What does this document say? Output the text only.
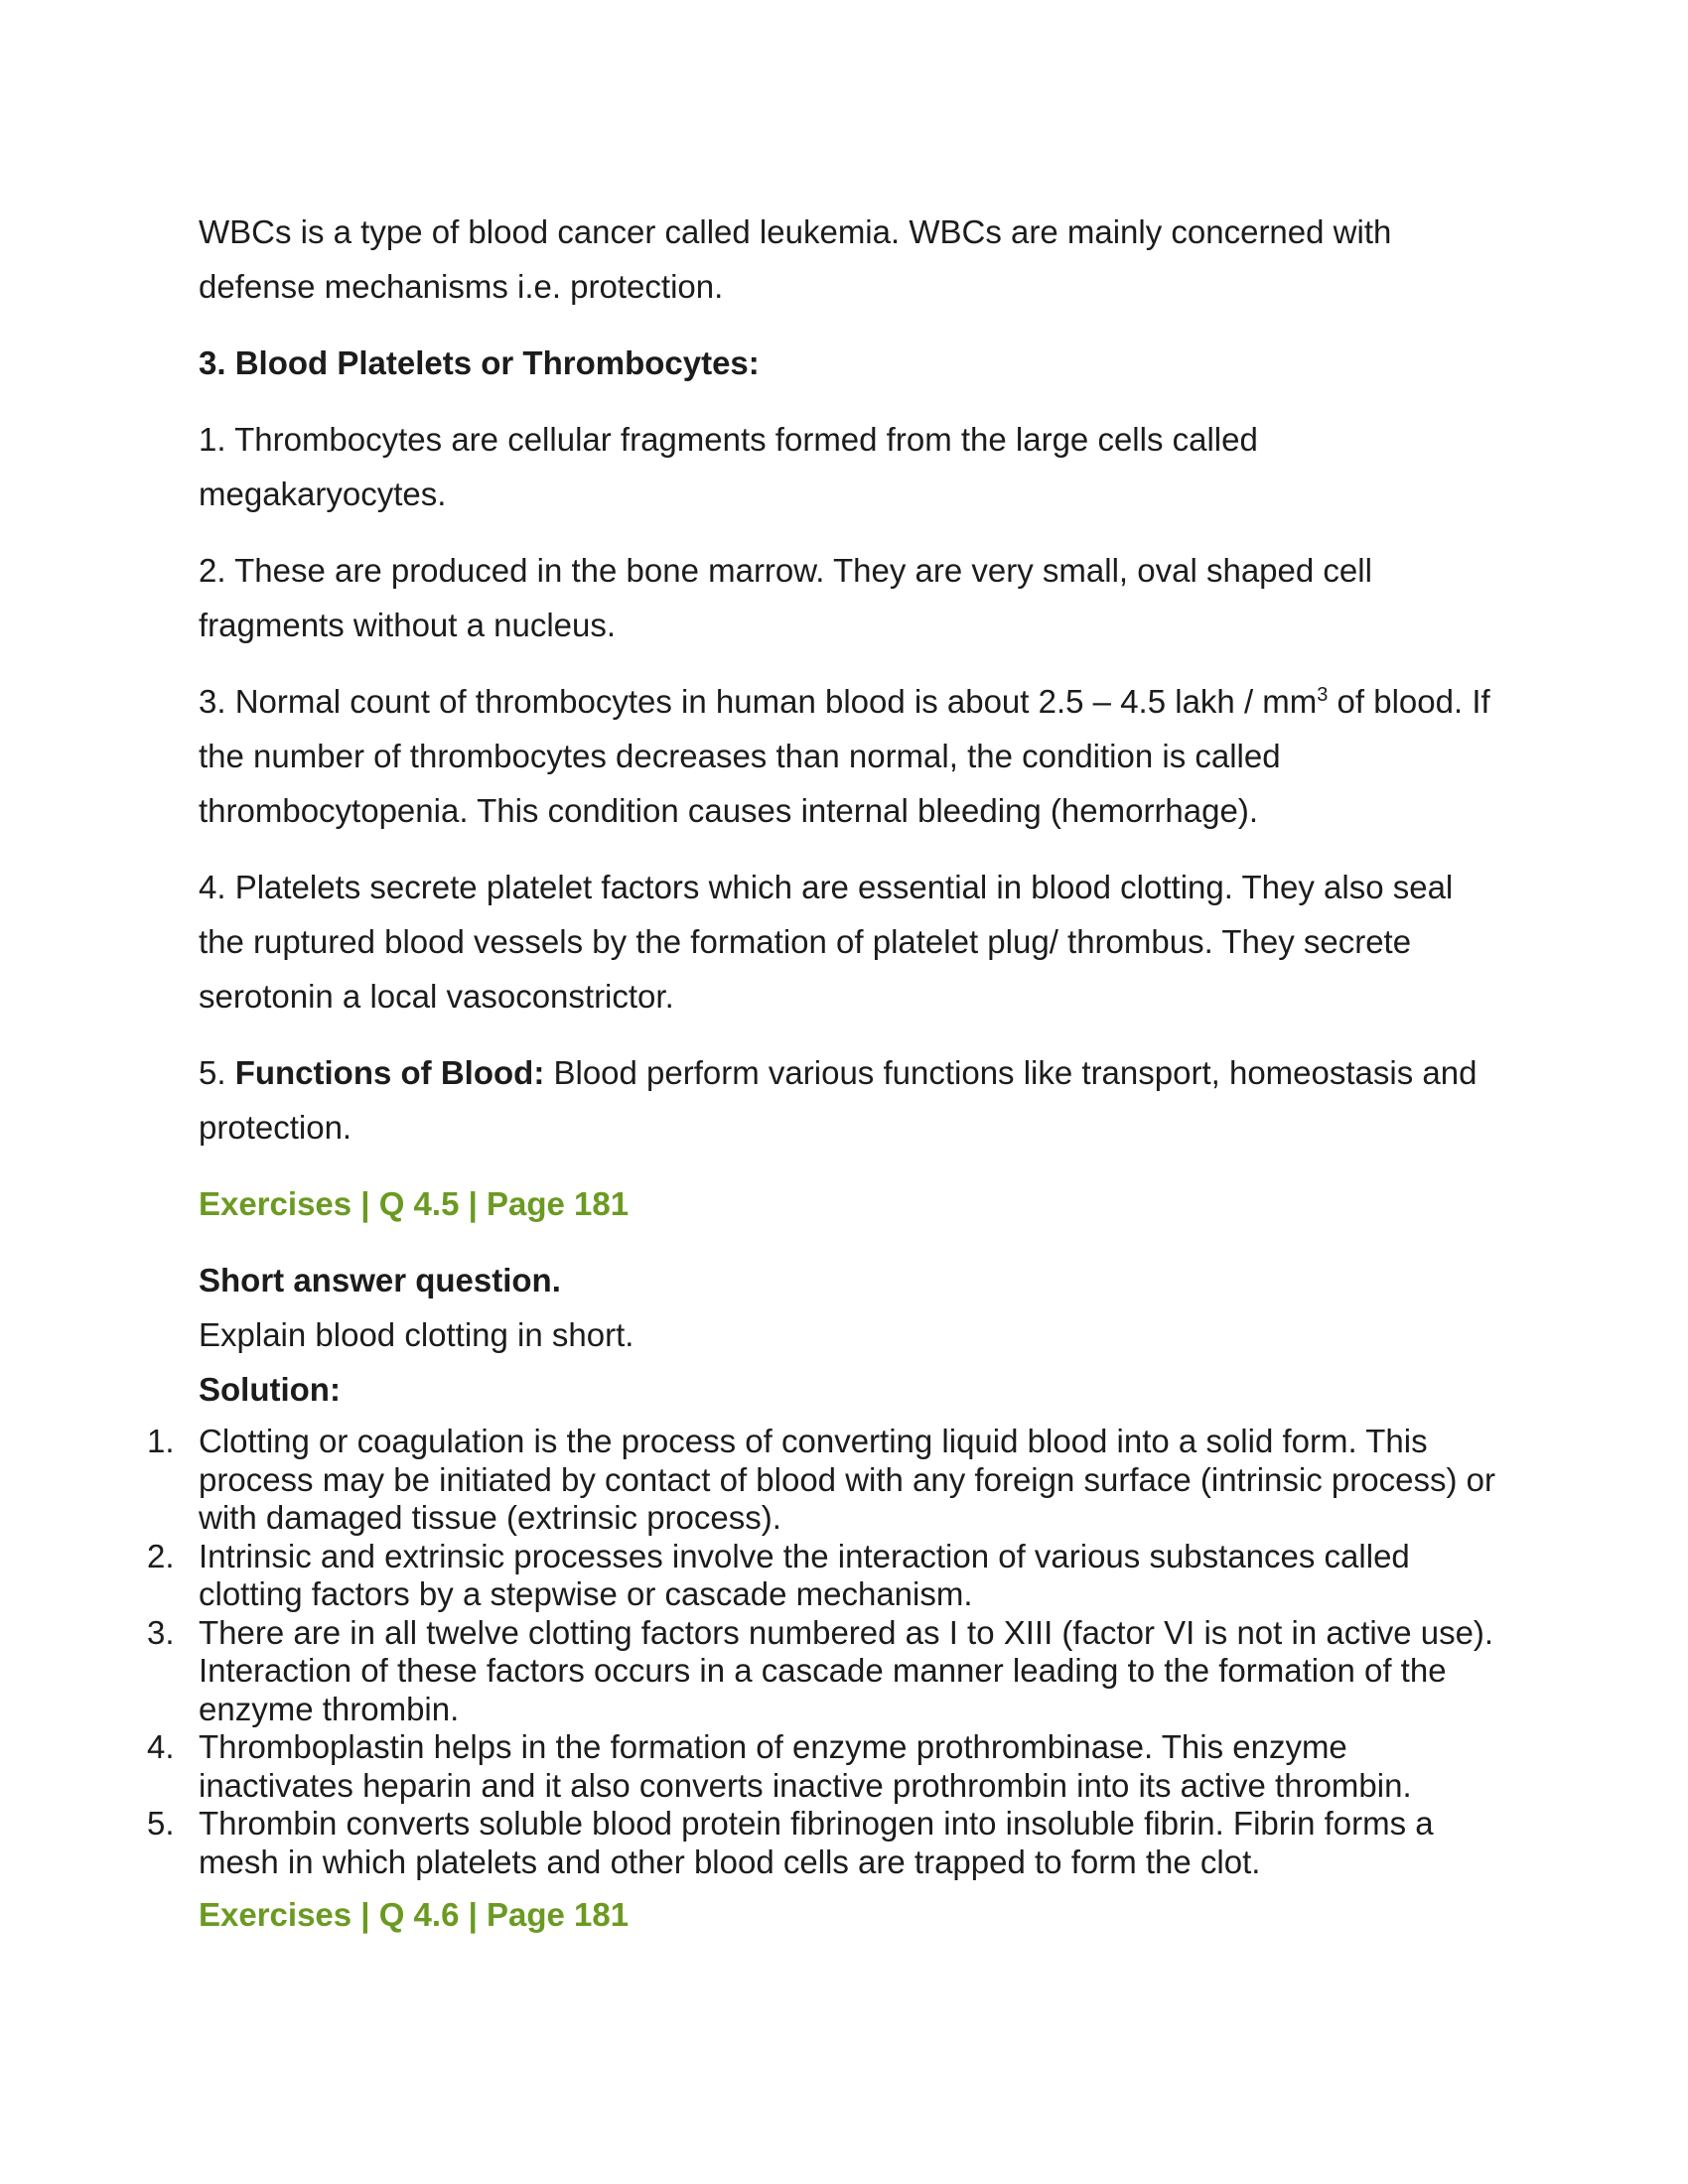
WBCs is a type of blood cancer called leukemia. WBCs are mainly concerned with defense mechanisms i.e. protection.

3. Blood Platelets or Thrombocytes:

1. Thrombocytes are cellular fragments formed from the large cells called megakaryocytes.

2. These are produced in the bone marrow. They are very small, oval shaped cell fragments without a nucleus.

3. Normal count of thrombocytes in human blood is about 2.5 – 4.5 lakh / $mm^3$ of blood. If the number of thrombocytes decreases than normal, the condition is called thrombocytopenia. This condition causes internal bleeding (hemorrhage).

4. Platelets secrete platelet factors which are essential in blood clotting. They also seal the ruptured blood vessels by the formation of platelet plug/ thrombus. They secrete serotonin a local vasoconstrictor.

5. Functions of Blood: Blood perform various functions like transport, homeostasis and protection.

Exercises | Q 4.5 | Page 181

Short answer question.

Explain blood clotting in short.

Solution:

1. Clotting or coagulation is the process of converting liquid blood into a solid form. This process may be initiated by contact of blood with any foreign surface (intrinsic process) or with damaged tissue (extrinsic process).
2. Intrinsic and extrinsic processes involve the interaction of various substances called clotting factors by a stepwise or cascade mechanism.
3. There are in all twelve clotting factors numbered as I to XIII (factor VI is not in active use). Interaction of these factors occurs in a cascade manner leading to the formation of the enzyme thrombin.
4. Thromboplastin helps in the formation of enzyme prothrombinase. This enzyme inactivates heparin and it also converts inactive prothrombin into its active thrombin.
5. Thrombin converts soluble blood protein fibrinogen into insoluble fibrin. Fibrin forms a mesh in which platelets and other blood cells are trapped to form the clot.
Exercises | Q 4.6 | Page 181
